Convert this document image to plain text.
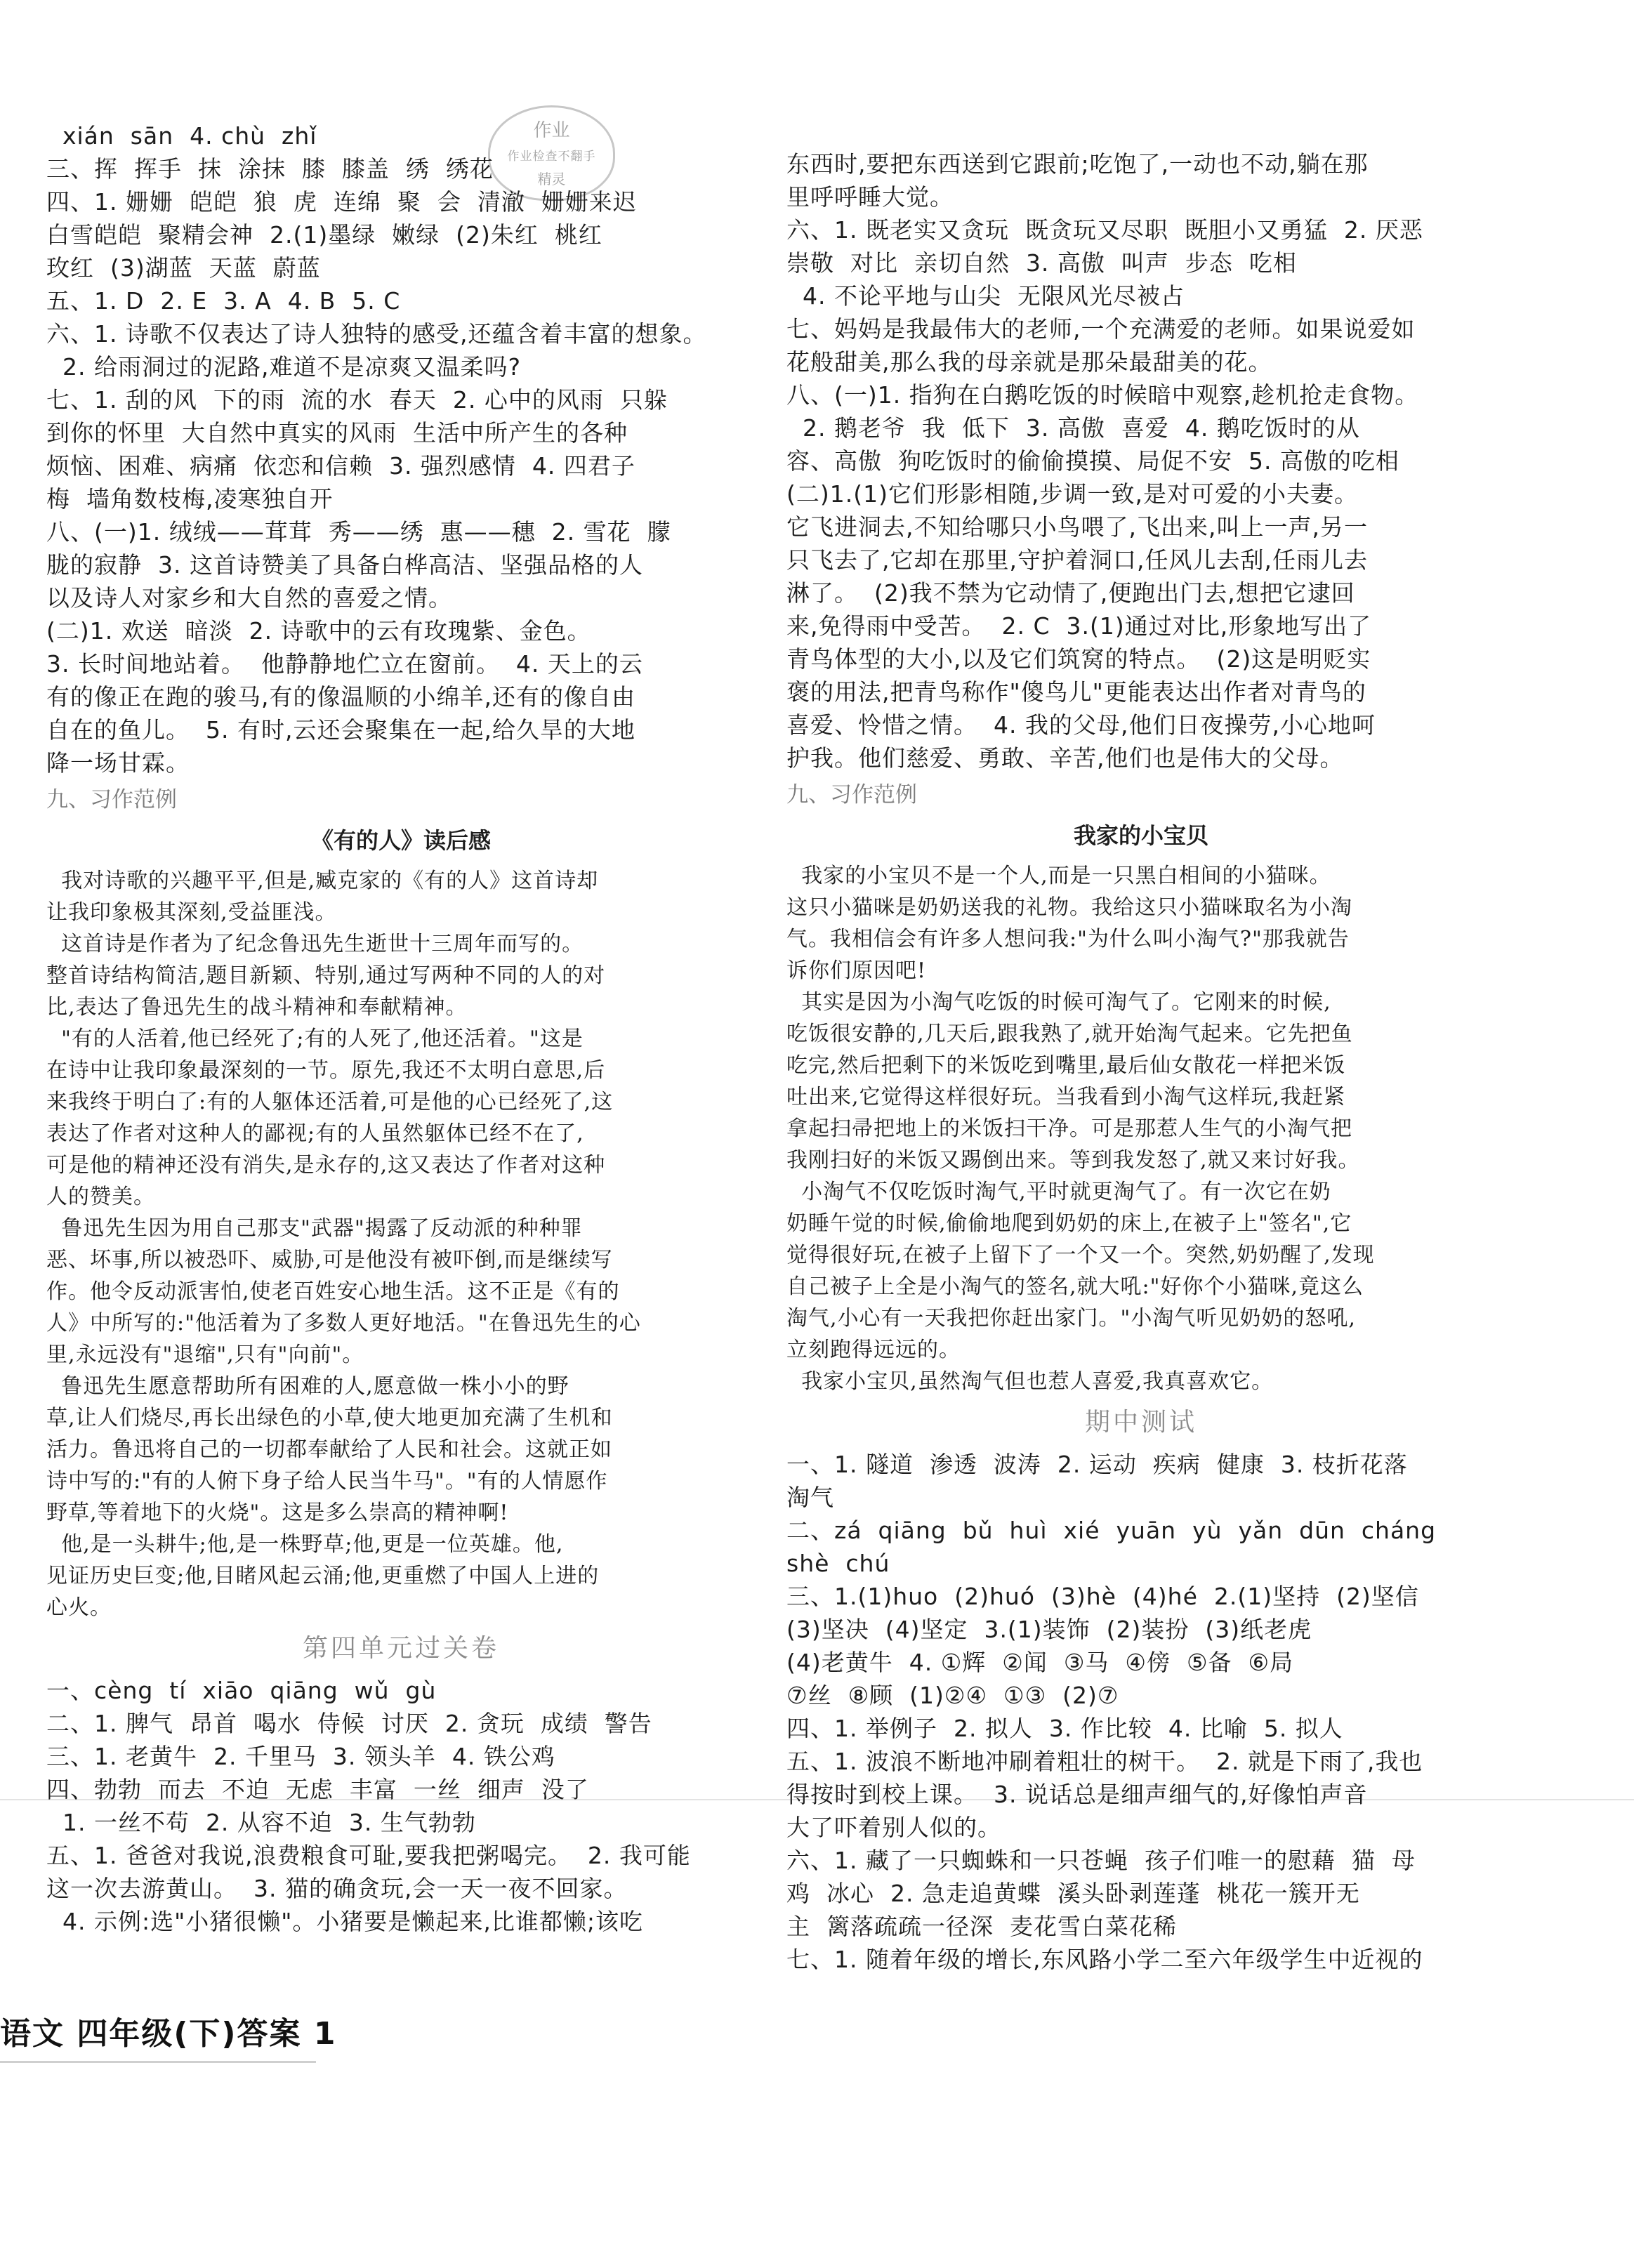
作业
作业检查不翻手
精灵

xián  sān  4. chù  zhǐ

三、挥  挥手  抹  涂抹  膝  膝盖  绣  绣花

四、1. 姗姗  皑皑  狼  虎  连绵  聚  会  清澈  姗姗来迟

白雪皑皑  聚精会神  2.(1)墨绿  嫩绿  (2)朱红  桃红

玫红  (3)湖蓝  天蓝  蔚蓝

五、1. D  2. E  3. A  4. B  5. C

六、1. 诗歌不仅表达了诗人独特的感受,还蕴含着丰富的想象。

2. 给雨洞过的泥路,难道不是凉爽又温柔吗?

七、1. 刮的风  下的雨  流的水  春天  2. 心中的风雨  只躲

到你的怀里  大自然中真实的风雨  生活中所产生的各种

烦恼、困难、病痛  依恋和信赖  3. 强烈感情  4. 四君子

梅  墙角数枝梅,凌寒独自开

八、(一)1. 绒绒——茸茸  秀——绣  惠——穗  2. 雪花  朦

胧的寂静  3. 这首诗赞美了具备白桦高洁、坚强品格的人

以及诗人对家乡和大自然的喜爱之情。

(二)1. 欢送  暗淡  2. 诗歌中的云有玫瑰紫、金色。

3. 长时间地站着。  他静静地伫立在窗前。  4. 天上的云

有的像正在跑的骏马,有的像温顺的小绵羊,还有的像自由

自在的鱼儿。  5. 有时,云还会聚集在一起,给久旱的大地

降一场甘霖。

九、习作范例
《有的人》读后感

我对诗歌的兴趣平平,但是,臧克家的《有的人》这首诗却

让我印象极其深刻,受益匪浅。

这首诗是作者为了纪念鲁迅先生逝世十三周年而写的。

整首诗结构简洁,题目新颖、特别,通过写两种不同的人的对

比,表达了鲁迅先生的战斗精神和奉献精神。

"有的人活着,他已经死了;有的人死了,他还活着。"这是

在诗中让我印象最深刻的一节。原先,我还不太明白意思,后

来我终于明白了:有的人躯体还活着,可是他的心已经死了,这

表达了作者对这种人的鄙视;有的人虽然躯体已经不在了,

可是他的精神还没有消失,是永存的,这又表达了作者对这种

人的赞美。

鲁迅先生因为用自己那支"武器"揭露了反动派的种种罪

恶、坏事,所以被恐吓、威胁,可是他没有被吓倒,而是继续写

作。他令反动派害怕,使老百姓安心地生活。这不正是《有的

人》中所写的:"他活着为了多数人更好地活。"在鲁迅先生的心

里,永远没有"退缩",只有"向前"。

鲁迅先生愿意帮助所有困难的人,愿意做一株小小的野

草,让人们烧尽,再长出绿色的小草,使大地更加充满了生机和

活力。鲁迅将自己的一切都奉献给了人民和社会。这就正如

诗中写的:"有的人俯下身子给人民当牛马"。"有的人情愿作

野草,等着地下的火烧"。这是多么崇高的精神啊!

他,是一头耕牛;他,是一株野草;他,更是一位英雄。他,

见证历史巨变;他,目睹风起云涌;他,更重燃了中国人上进的

心火。

第四单元过关卷

一、cèng  tí  xiāo  qiāng  wǔ  gù

二、1. 脾气  昂首  喝水  侍候  讨厌  2. 贪玩  成绩  警告

三、1. 老黄牛  2. 千里马  3. 领头羊  4. 铁公鸡

四、勃勃  而去  不迫  无虑  丰富  一丝  细声  没了

1. 一丝不苟  2. 从容不迫  3. 生气勃勃

五、1. 爸爸对我说,浪费粮食可耻,要我把粥喝完。  2. 我可能

这一次去游黄山。  3. 猫的确贪玩,会一天一夜不回家。

4. 示例:选"小猪很懒"。小猪要是懒起来,比谁都懒;该吃

东西时,要把东西送到它跟前;吃饱了,一动也不动,躺在那

里呼呼睡大觉。

六、1. 既老实又贪玩  既贪玩又尽职  既胆小又勇猛  2. 厌恶

崇敬  对比  亲切自然  3. 高傲  叫声  步态  吃相

4. 不论平地与山尖  无限风光尽被占

七、妈妈是我最伟大的老师,一个充满爱的老师。如果说爱如

花般甜美,那么我的母亲就是那朵最甜美的花。

八、(一)1. 指狗在白鹅吃饭的时候暗中观察,趁机抢走食物。

2. 鹅老爷  我  低下  3. 高傲  喜爱  4. 鹅吃饭时的从

容、高傲  狗吃饭时的偷偷摸摸、局促不安  5. 高傲的吃相

(二)1.(1)它们形影相随,步调一致,是对可爱的小夫妻。

它飞进洞去,不知给哪只小鸟喂了,飞出来,叫上一声,另一

只飞去了,它却在那里,守护着洞口,任风儿去刮,任雨儿去

淋了。  (2)我不禁为它动情了,便跑出门去,想把它逮回

来,免得雨中受苦。  2. C  3.(1)通过对比,形象地写出了

青鸟体型的大小,以及它们筑窝的特点。  (2)这是明贬实

褒的用法,把青鸟称作"傻鸟儿"更能表达出作者对青鸟的

喜爱、怜惜之情。  4. 我的父母,他们日夜操劳,小心地呵

护我。他们慈爱、勇敢、辛苦,他们也是伟大的父母。

九、习作范例
我家的小宝贝

我家的小宝贝不是一个人,而是一只黑白相间的小猫咪。

这只小猫咪是奶奶送我的礼物。我给这只小猫咪取名为小淘

气。我相信会有许多人想问我:"为什么叫小淘气?"那我就告

诉你们原因吧!

其实是因为小淘气吃饭的时候可淘气了。它刚来的时候,

吃饭很安静的,几天后,跟我熟了,就开始淘气起来。它先把鱼

吃完,然后把剩下的米饭吃到嘴里,最后仙女散花一样把米饭

吐出来,它觉得这样很好玩。当我看到小淘气这样玩,我赶紧

拿起扫帚把地上的米饭扫干净。可是那惹人生气的小淘气把

我刚扫好的米饭又踢倒出来。等到我发怒了,就又来讨好我。

小淘气不仅吃饭时淘气,平时就更淘气了。有一次它在奶

奶睡午觉的时候,偷偷地爬到奶奶的床上,在被子上"签名",它

觉得很好玩,在被子上留下了一个又一个。突然,奶奶醒了,发现

自己被子上全是小淘气的签名,就大吼:"好你个小猫咪,竟这么

淘气,小心有一天我把你赶出家门。"小淘气听见奶奶的怒吼,

立刻跑得远远的。

我家小宝贝,虽然淘气但也惹人喜爱,我真喜欢它。

期中测试

一、1. 隧道  渗透  波涛  2. 运动  疾病  健康  3. 枝折花落

淘气

二、zá  qiāng  bǔ  huì  xié  yuān  yù  yǎn  dūn  cháng

shè  chú

三、1.(1)huo  (2)huó  (3)hè  (4)hé  2.(1)坚持  (2)坚信

(3)坚决  (4)坚定  3.(1)装饰  (2)装扮  (3)纸老虎

(4)老黄牛  4. ①辉  ②闻  ③马  ④傍  ⑤备  ⑥局

⑦丝  ⑧顾  (1)②④  ①③  (2)⑦

四、1. 举例子  2. 拟人  3. 作比较  4. 比喻  5. 拟人

五、1. 波浪不断地冲刷着粗壮的树干。  2. 就是下雨了,我也

得按时到校上课。  3. 说话总是细声细气的,好像怕声音

大了吓着别人似的。

六、1. 藏了一只蜘蛛和一只苍蝇  孩子们唯一的慰藉  猫  母

鸡  冰心  2. 急走追黄蝶  溪头卧剥莲蓬  桃花一簇开无

主  篱落疏疏一径深  麦花雪白菜花稀

七、1. 随着年级的增长,东风路小学二至六年级学生中近视的

语文 四年级(下)答案 1
